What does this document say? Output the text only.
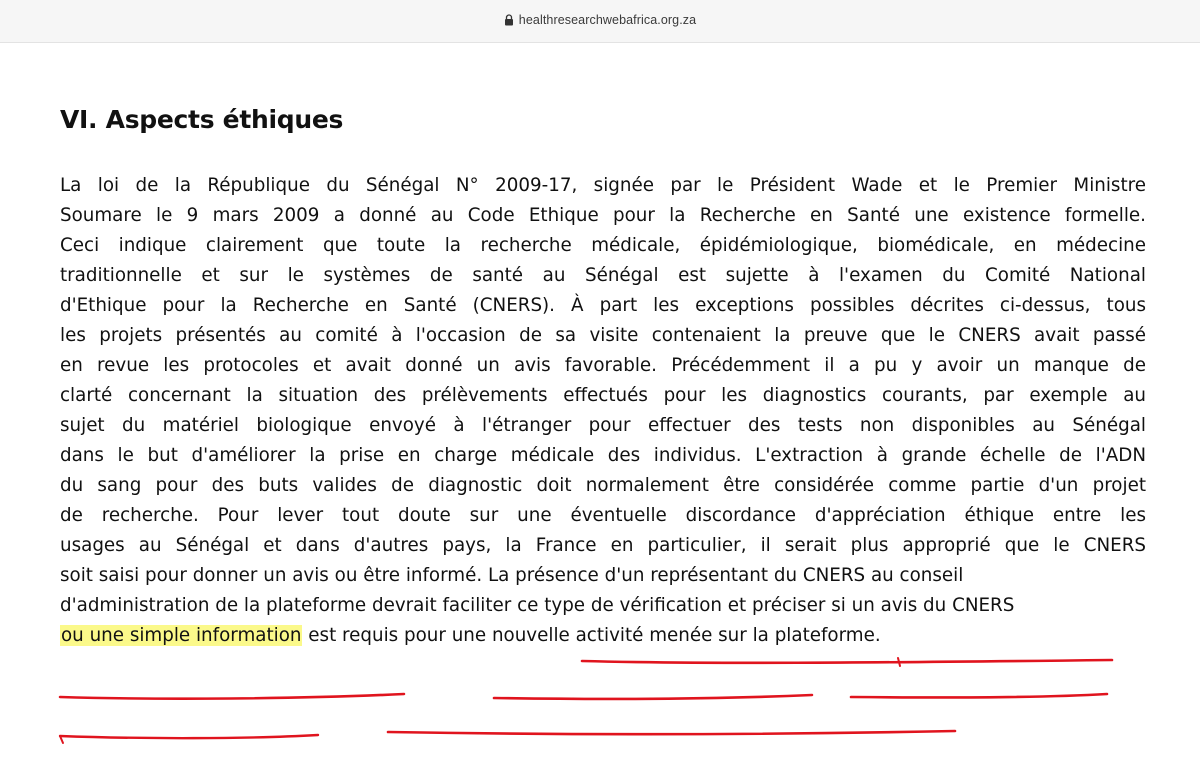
healthresearchwebafrica.org.za
VI. Aspects éthiques
La loi de la République du Sénégal N° 2009-17, signée par le Président Wade et le Premier Ministre
Soumare le 9 mars 2009 a donné au Code Ethique pour la Recherche en Santé une existence formelle.
Ceci indique clairement que toute la recherche médicale, épidémiologique, biomédicale, en médecine
traditionnelle et sur le systèmes de santé au Sénégal est sujette à l'examen du Comité National
d'Ethique pour la Recherche en Santé (CNERS). À part les exceptions possibles décrites ci-dessus, tous
les projets présentés au comité à l'occasion de sa visite contenaient la preuve que le CNERS avait passé
en revue les protocoles et avait donné un avis favorable. Précédemment il a pu y avoir un manque de
clarté concernant la situation des prélèvements effectués pour les diagnostics courants, par exemple au
sujet du matériel biologique envoyé à l'étranger pour effectuer des tests non disponibles au Sénégal
dans le but d'améliorer la prise en charge médicale des individus. L'extraction à grande échelle de l'ADN
du sang pour des buts valides de diagnostic doit normalement être considérée comme partie d'un projet
de recherche. Pour lever tout doute sur une éventuelle discordance d'appréciation éthique entre les
usages au Sénégal et dans d'autres pays, la France en particulier, il serait plus approprié que le CNERS
soit saisi pour donner un avis ou être informé. La présence d'un représentant du CNERS au conseil
d'administration de la plateforme devrait faciliter ce type de vérification et préciser si un avis du CNERS
ou une simple information est requis pour une nouvelle activité menée sur la plateforme.
